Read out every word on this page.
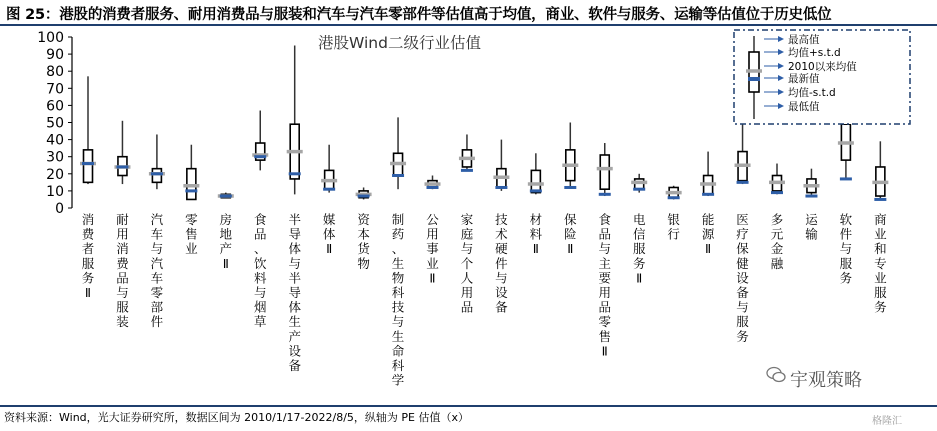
图 25：港股的消费者服务、耐用消费品与服装和汽车与汽车零部件等估值高于均值，商业、软件与服务、运输等估值位于历史低位
0
10
20
30
40
50
60
70
80
90
100
消费者服务 Ⅱ
耐用消费品与服装
汽车与汽车零部件
零售业
房地产 Ⅱ
食品、饮料与烟草
半导体与半导体生产设备
媒体 Ⅱ
资本货物
制药、生物科技与生命科学
公用事业 Ⅱ
家庭与个人用品
技术硬件与设备
材料 Ⅱ
保险 Ⅱ
食品与主要用品零售 Ⅱ
电信服务 Ⅱ
银行
能源 Ⅱ
医疗保健设备与服务
多元金融
运输
软件与服务
商业和专业服务
港股Wind二级行业估值	最高值
均值+s.t.d
2010以来均值
最新值
均值-s.t.d
最低值
资料来源：Wind，光大证券研究所，数据区间为 2010/1/17-2022/8/5，纵轴为 PE 估值（x）
宇观策略
格隆汇
